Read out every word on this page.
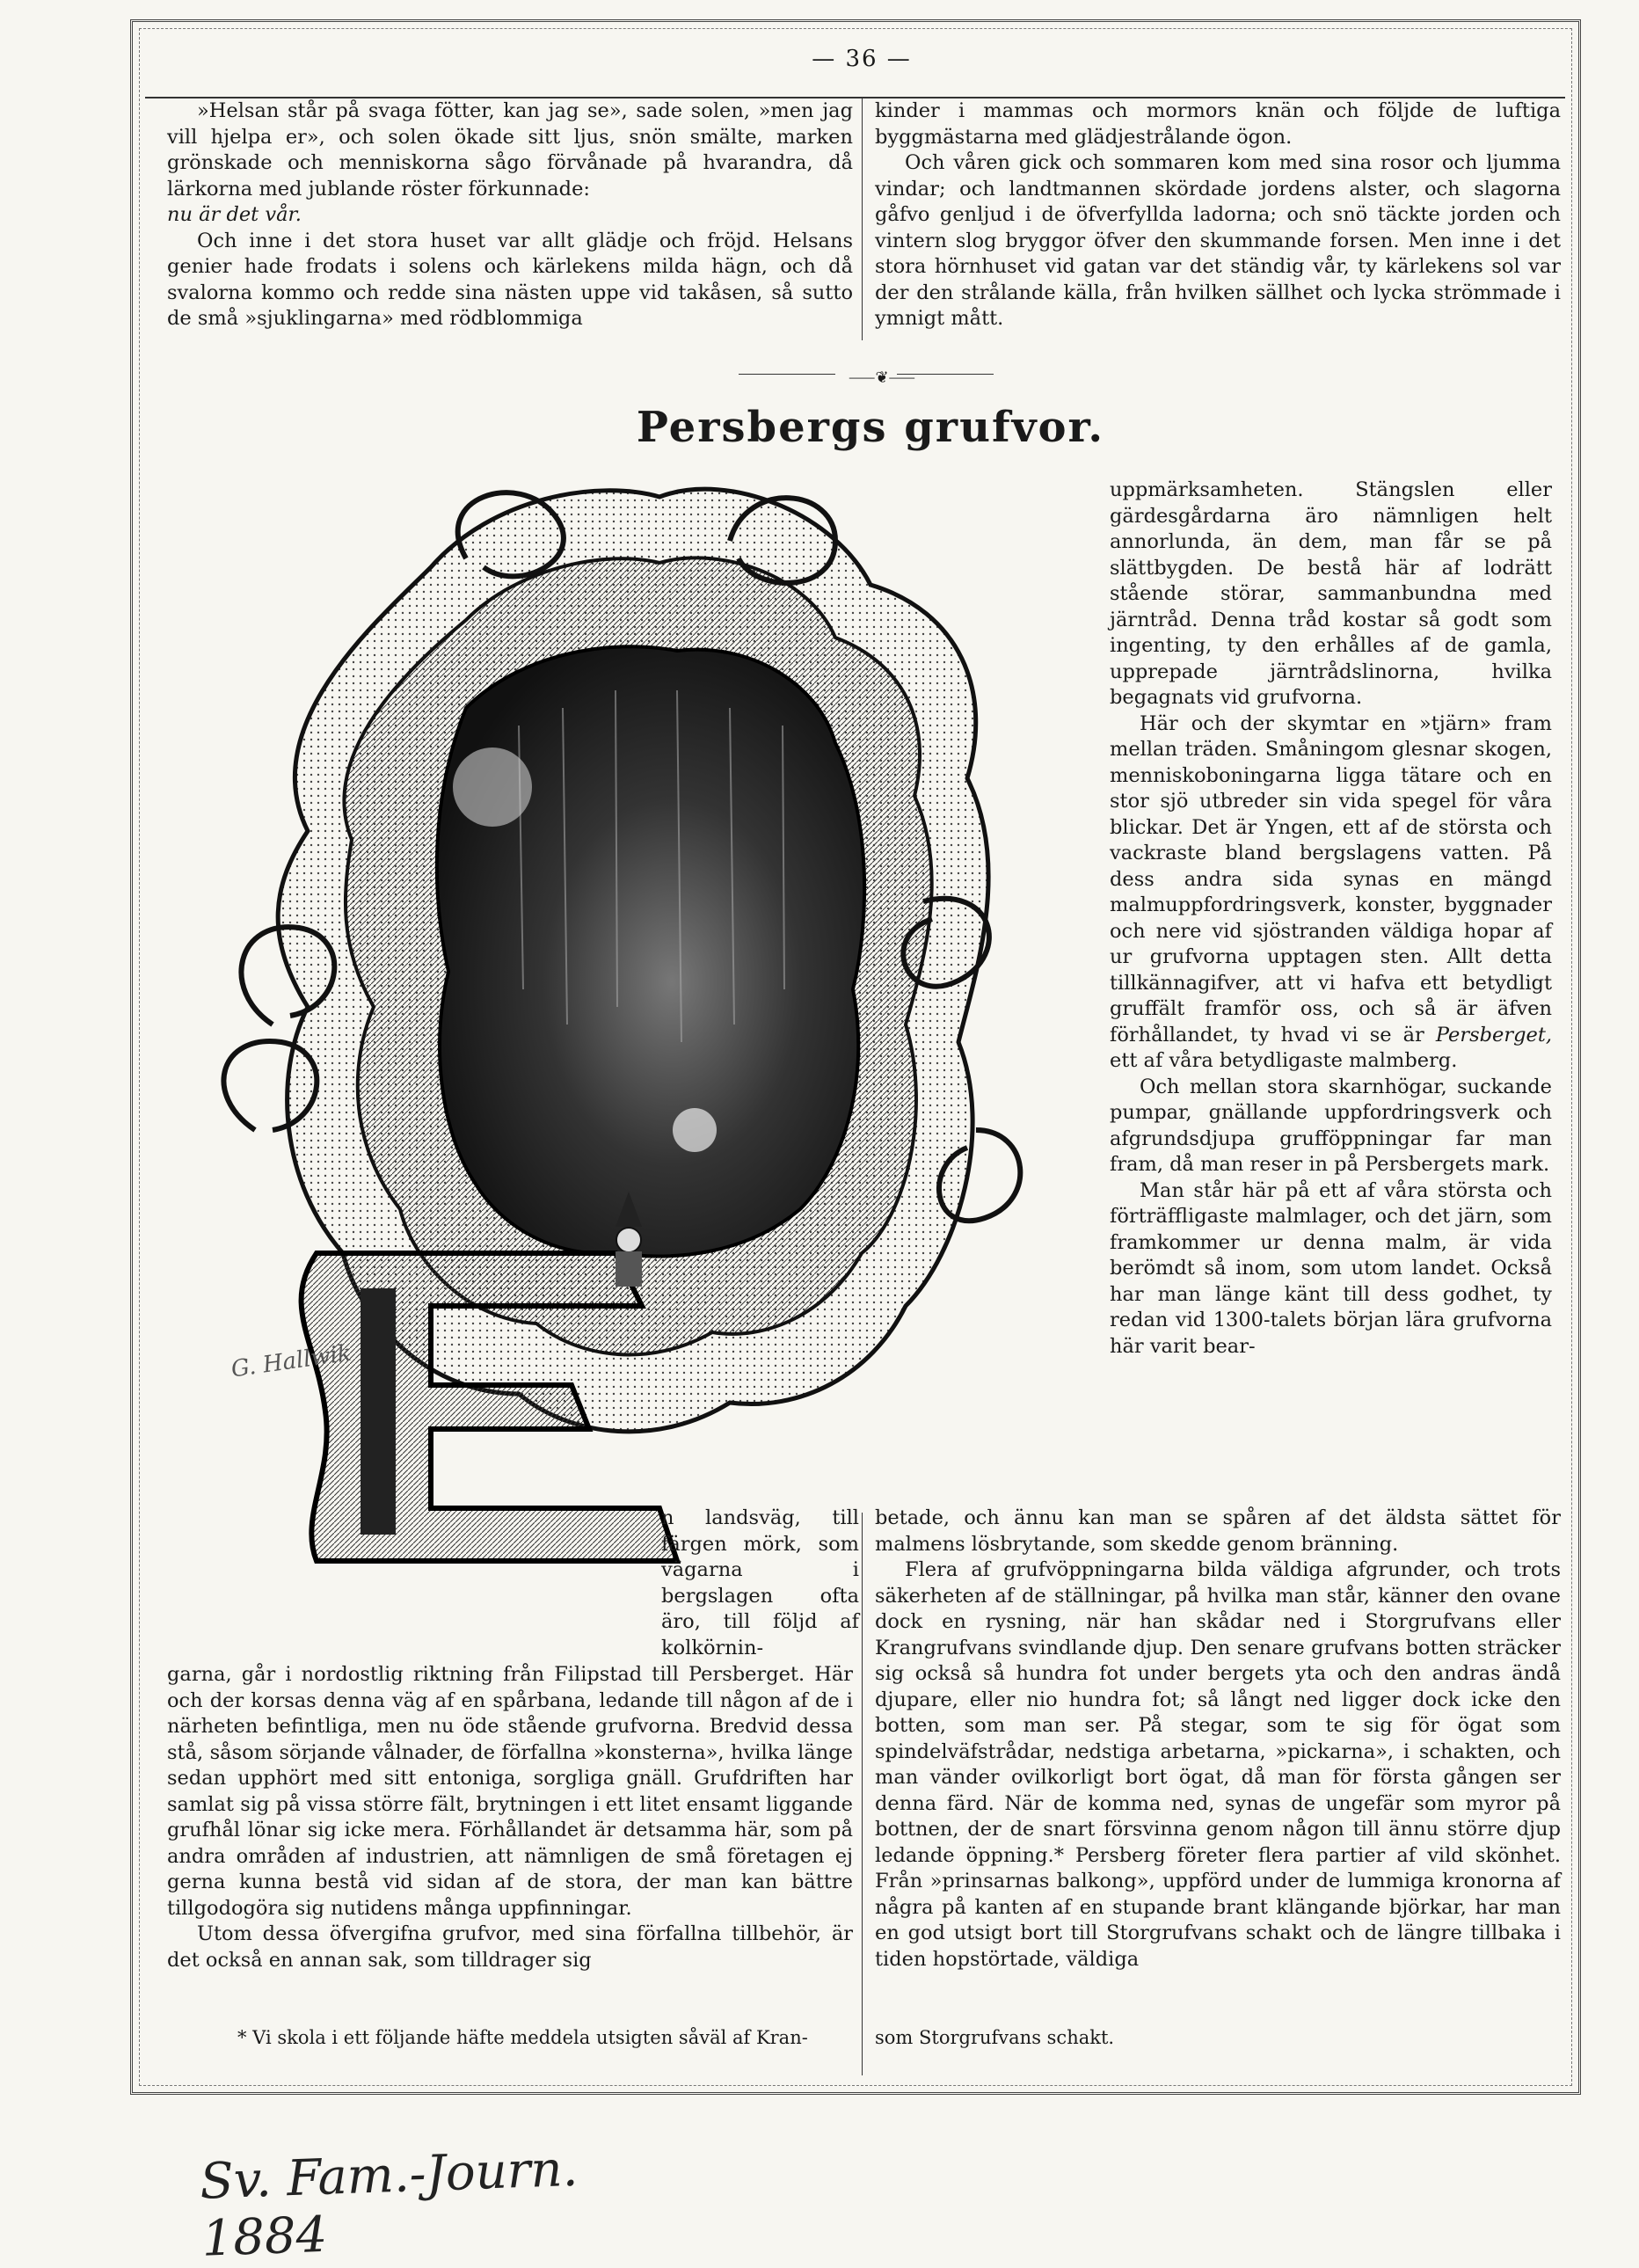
— 36 —

»Helsan står på svaga fötter, kan jag se», sade solen, »men jag vill hjelpa er», och solen ökade sitt ljus, snön smälte, marken grönskade och menniskorna sågo förvånade på hvarandra, då lärkorna med jublande röster förkunnade:

nu är det vår.

Och inne i det stora huset var allt glädje och fröjd. Helsans genier hade frodats i solens och kärlekens milda hägn, och då svalorna kommo och redde sina nästen uppe vid takåsen, så sutto de små »sjuklingarna» med rödblommiga

kinder i mammas och mormors knän och följde de luftiga byggmästarna med glädjestrålande ögon.

Och våren gick och sommaren kom med sina rosor och ljumma vindar; och landtmannen skördade jordens alster, och slagorna gåfvo genljud i de öfverfyllda ladorna; och snö täckte jorden och vintern slog bryggor öfver den skummande forsen. Men inne i det stora hörnhuset vid gatan var det ständig vår, ty kärlekens sol var der den strålande källa, från hvilken sällhet och lycka strömmade i ymnigt mått.

⸺❦⸺
Persbergs grufvor.
G. Hallwik

uppmärksamheten. Stängslen eller gärdesgårdarna äro nämnligen helt annorlunda, än dem, man får se på slättbygden. De bestå här af lodrätt stående störar, sammanbundna med järntråd. Denna tråd kostar så godt som ingenting, ty den erhålles af de gamla, upprepade järntrådslinorna, hvilka begagnats vid grufvorna.

Här och der skymtar en »tjärn» fram mellan träden. Småningom glesnar skogen, menniskoboningarna ligga tätare och en stor sjö utbreder sin vida spegel för våra blickar. Det är Yngen, ett af de största och vackraste bland bergslagens vatten. På dess andra sida synas en mängd malmuppfordringsverk, konster, byggnader och nere vid sjöstranden väldiga hopar af ur grufvorna upptagen sten. Allt detta tillkännagifver, att vi hafva ett betydligt gruffält framför oss, och så är äfven förhållandet, ty hvad vi se är Persberget, ett af våra betydligaste malmberg.

Och mellan stora skarnhögar, suckande pumpar, gnällande uppfordringsverk och afgrundsdjupa grufföppningar far man fram, då man reser in på Persbergets mark.

Man står här på ett af våra största och förträffligaste malmlager, och det järn, som framkommer ur denna malm, är vida berömdt så inom, som utom landet. Också har man länge känt till dess godhet, ty redan vid 1300-talets början lära grufvorna här varit bear-

n landsväg, till färgen mörk, som vägarna i bergslagen ofta äro, till följd af kolkörnin-

garna, går i nordostlig riktning från Filipstad till Persberget. Här och der korsas denna väg af en spårbana, ledande till någon af de i närheten befintliga, men nu öde stående grufvorna. Bredvid dessa stå, såsom sörjande vålnader, de förfallna »konsterna», hvilka länge sedan upphört med sitt entoniga, sorgliga gnäll. Grufdriften har samlat sig på vissa större fält, brytningen i ett litet ensamt liggande grufhål lönar sig icke mera. Förhållandet är detsamma här, som på andra områden af industrien, att nämnligen de små företagen ej gerna kunna bestå vid sidan af de stora, der man kan bättre tillgodogöra sig nutidens många uppfinningar.

Utom dessa öfvergifna grufvor, med sina förfallna tillbehör, är det också en annan sak, som tilldrager sig

betade, och ännu kan man se spåren af det äldsta sättet för malmens lösbrytande, som skedde genom bränning.

Flera af grufvöppningarna bilda väldiga afgrunder, och trots säkerheten af de ställningar, på hvilka man står, känner den ovane dock en rysning, när han skådar ned i Storgrufvans eller Krangrufvans svindlande djup. Den senare grufvans botten sträcker sig också så hundra fot under bergets yta och den andras ändå djupare, eller nio hundra fot; så långt ned ligger dock icke den botten, som man ser. På stegar, som te sig för ögat som spindelväfstrådar, nedstiga arbetarna, »pickarna», i schakten, och man vänder ovilkorligt bort ögat, då man för första gången ser denna färd. När de komma ned, synas de ungefär som myror på bottnen, der de snart försvinna genom någon till ännu större djup ledande öppning.* Persberg företer flera partier af vild skönhet. Från »prinsarnas balkong», uppförd under de lummiga kronorna af några på kanten af en stupande brant klängande björkar, har man en god utsigt bort till Storgrufvans schakt och de längre tillbaka i tiden hopstörtade, väldiga

* Vi skola i ett följande häfte meddela utsigten såväl af Kran-	som Storgrufvans schakt.
Sv. Fam.-Journ. 1884
